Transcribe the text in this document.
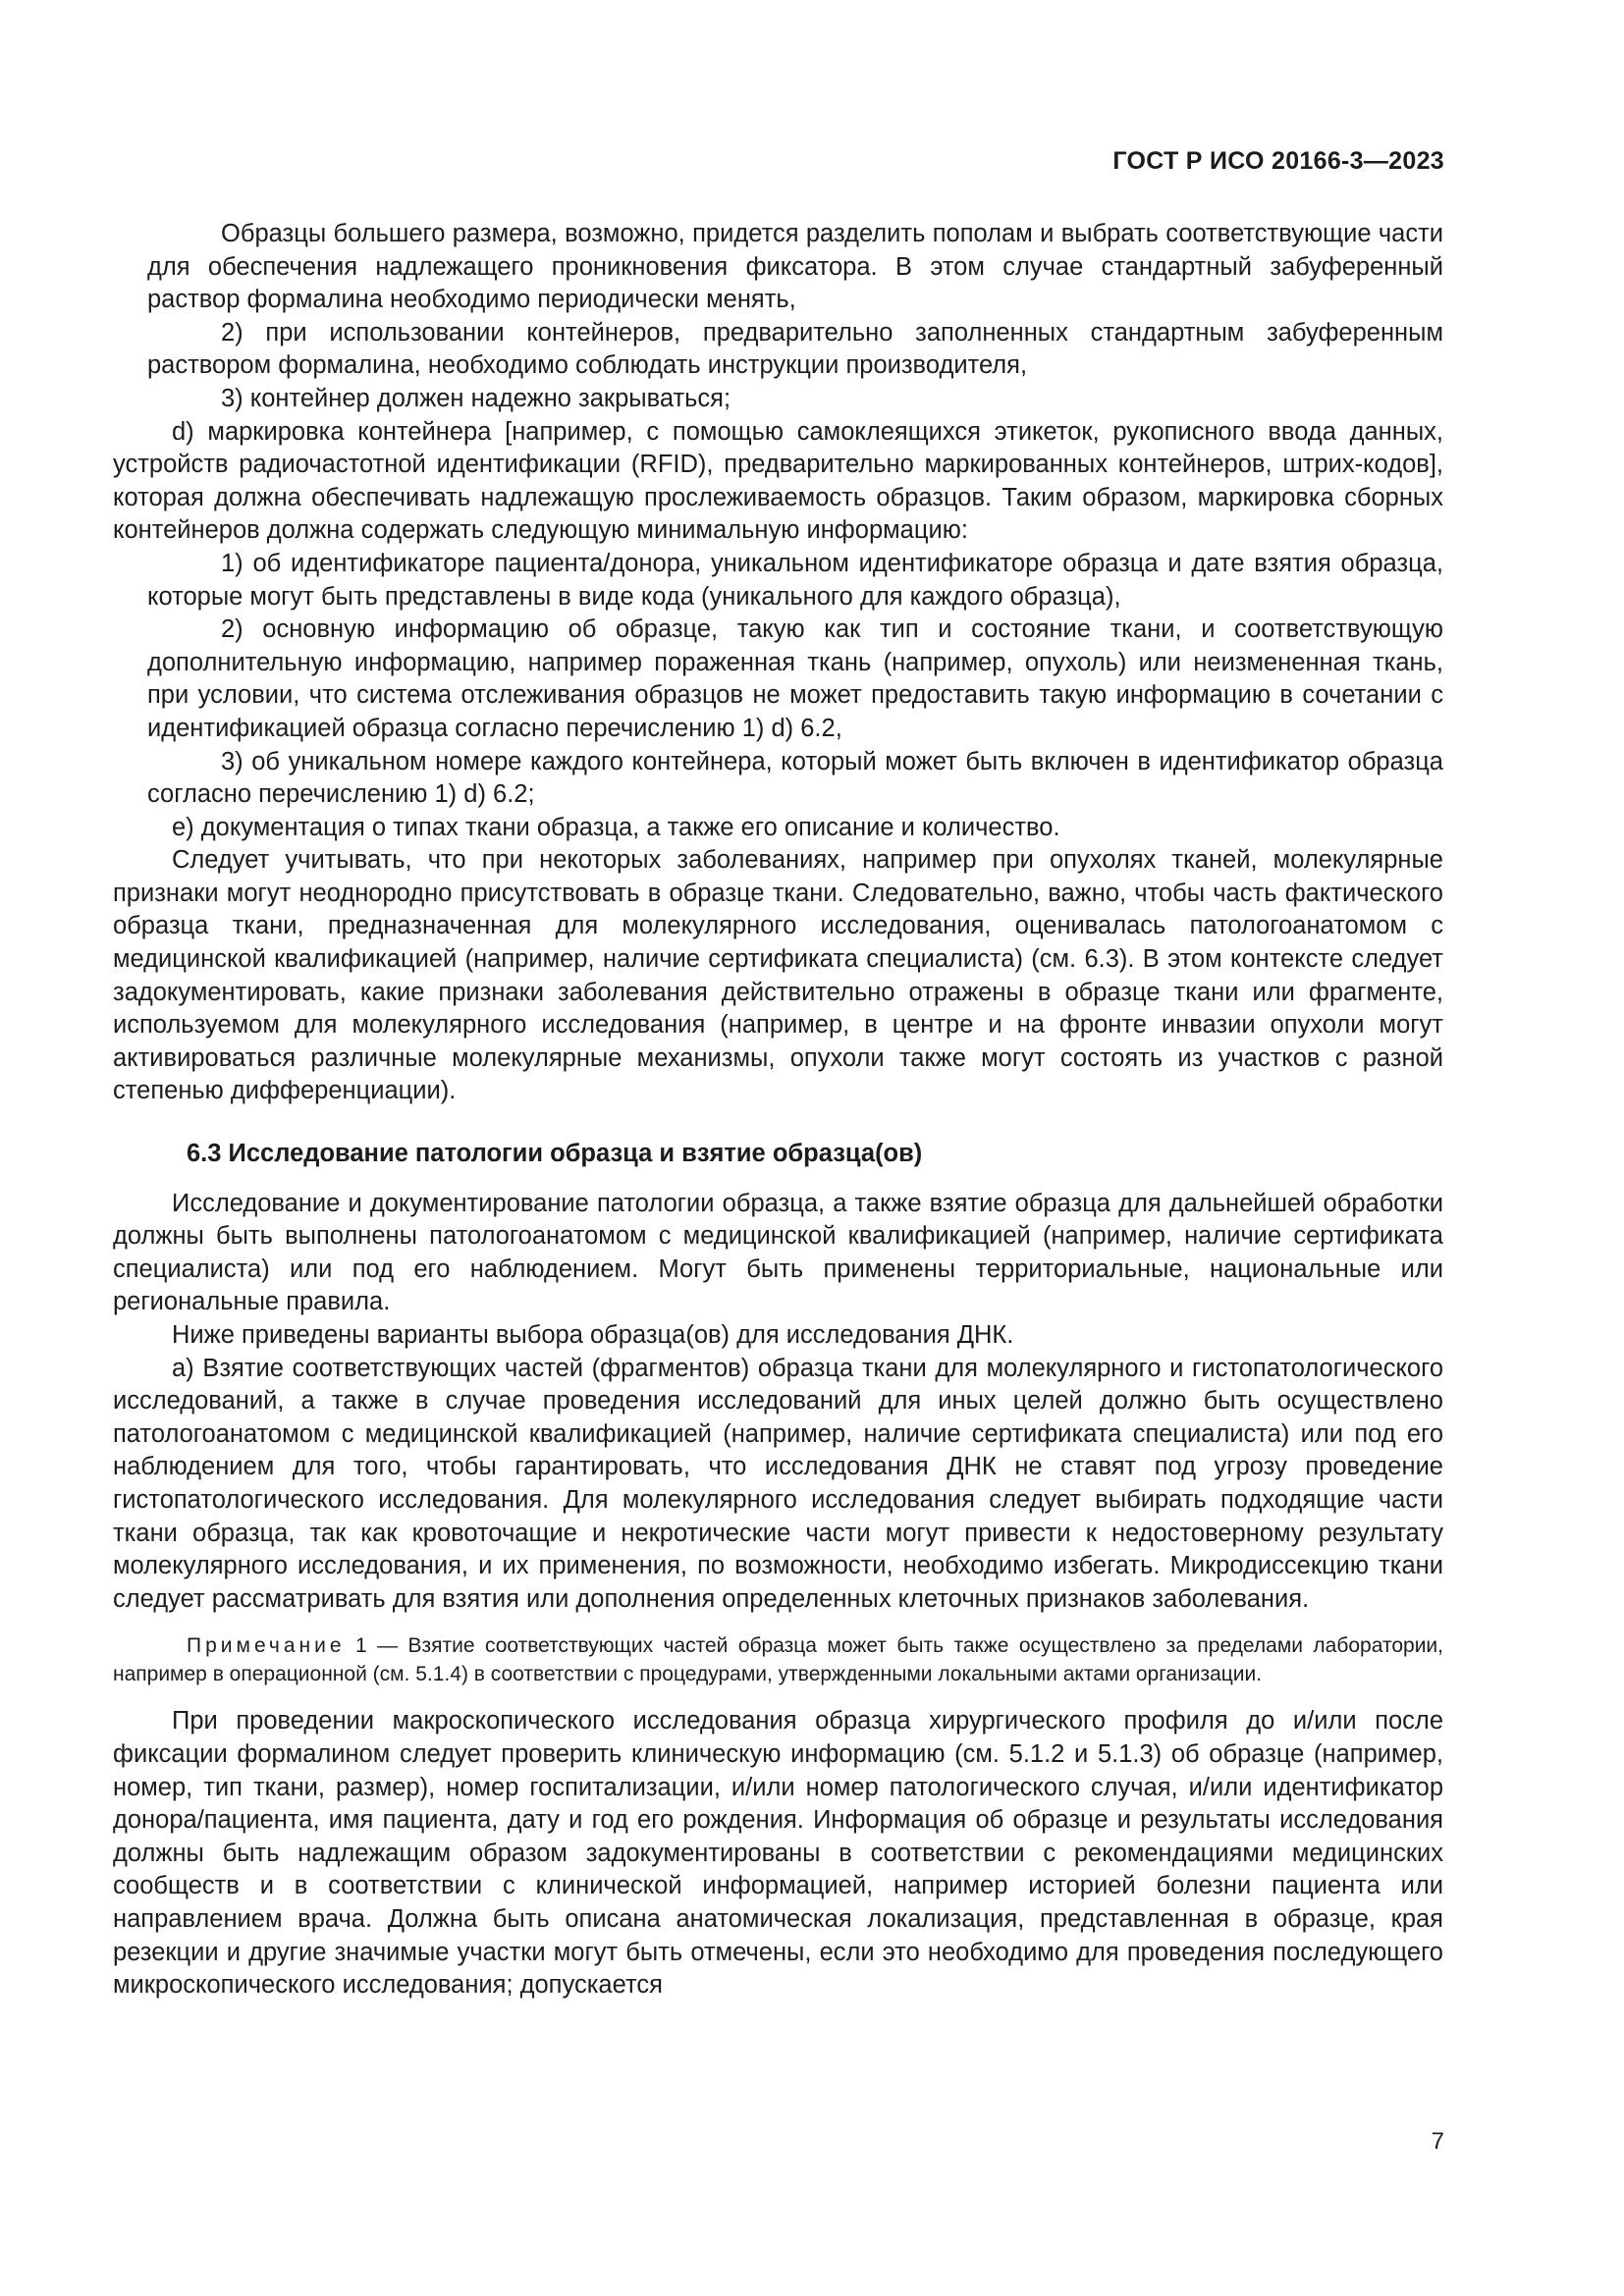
ГОСТ Р ИСО 20166-3—2023

Образцы большего размера, возможно, придется разделить пополам и выбрать соответствующие части для обеспечения надлежащего проникновения фиксатора. В этом случае стандартный забуференный раствор формалина необходимо периодически менять,

2) при использовании контейнеров, предварительно заполненных стандартным забуференным раствором формалина, необходимо соблюдать инструкции производителя,

3) контейнер должен надежно закрываться;

d) маркировка контейнера [например, с помощью самоклеящихся этикеток, рукописного ввода данных, устройств радиочастотной идентификации (RFID), предварительно маркированных контейнеров, штрих-кодов], которая должна обеспечивать надлежащую прослеживаемость образцов. Таким образом, маркировка сборных контейнеров должна содержать следующую минимальную информацию:

1) об идентификаторе пациента/донора, уникальном идентификаторе образца и дате взятия образца, которые могут быть представлены в виде кода (уникального для каждого образца),

2) основную информацию об образце, такую как тип и состояние ткани, и соответствующую дополнительную информацию, например пораженная ткань (например, опухоль) или неизмененная ткань, при условии, что система отслеживания образцов не может предоставить такую информацию в сочетании с идентификацией образца согласно перечислению 1) d) 6.2,

3) об уникальном номере каждого контейнера, который может быть включен в идентификатор образца согласно перечислению 1) d) 6.2;

е) документация о типах ткани образца, а также его описание и количество.

Следует учитывать, что при некоторых заболеваниях, например при опухолях тканей, молекулярные признаки могут неоднородно присутствовать в образце ткани. Следовательно, важно, чтобы часть фактического образца ткани, предназначенная для молекулярного исследования, оценивалась патологоанатомом с медицинской квалификацией (например, наличие сертификата специалиста) (см. 6.3). В этом контексте следует задокументировать, какие признаки заболевания действительно отражены в образце ткани или фрагменте, используемом для молекулярного исследования (например, в центре и на фронте инвазии опухоли могут активироваться различные молекулярные механизмы, опухоли также могут состоять из участков с разной степенью дифференциации).

6.3 Исследование патологии образца и взятие образца(ов)

Исследование и документирование патологии образца, а также взятие образца для дальнейшей обработки должны быть выполнены патологоанатомом с медицинской квалификацией (например, наличие сертификата специалиста) или под его наблюдением. Могут быть применены территориальные, национальные или региональные правила.

Ниже приведены варианты выбора образца(ов) для исследования ДНК.

а) Взятие соответствующих частей (фрагментов) образца ткани для молекулярного и гистопатологического исследований, а также в случае проведения исследований для иных целей должно быть осуществлено патологоанатомом с медицинской квалификацией (например, наличие сертификата специалиста) или под его наблюдением для того, чтобы гарантировать, что исследования ДНК не ставят под угрозу проведение гистопатологического исследования. Для молекулярного исследования следует выбирать подходящие части ткани образца, так как кровоточащие и некротические части могут привести к недостоверному результату молекулярного исследования, и их применения, по возможности, необходимо избегать. Микродиссекцию ткани следует рассматривать для взятия или дополнения определенных клеточных признаков заболевания.

Примечание 1 — Взятие соответствующих частей образца может быть также осуществлено за пределами лаборатории, например в операционной (см. 5.1.4) в соответствии с процедурами, утвержденными локальными актами организации.

При проведении макроскопического исследования образца хирургического профиля до и/или после фиксации формалином следует проверить клиническую информацию (см. 5.1.2 и 5.1.3) об образце (например, номер, тип ткани, размер), номер госпитализации, и/или номер патологического случая, и/или идентификатор донора/пациента, имя пациента, дату и год его рождения. Информация об образце и результаты исследования должны быть надлежащим образом задокументированы в соответствии с рекомендациями медицинских сообществ и в соответствии с клинической информацией, например историей болезни пациента или направлением врача. Должна быть описана анатомическая локализация, представленная в образце, края резекции и другие значимые участки могут быть отмечены, если это необходимо для проведения последующего микроскопического исследования; допускается

7
